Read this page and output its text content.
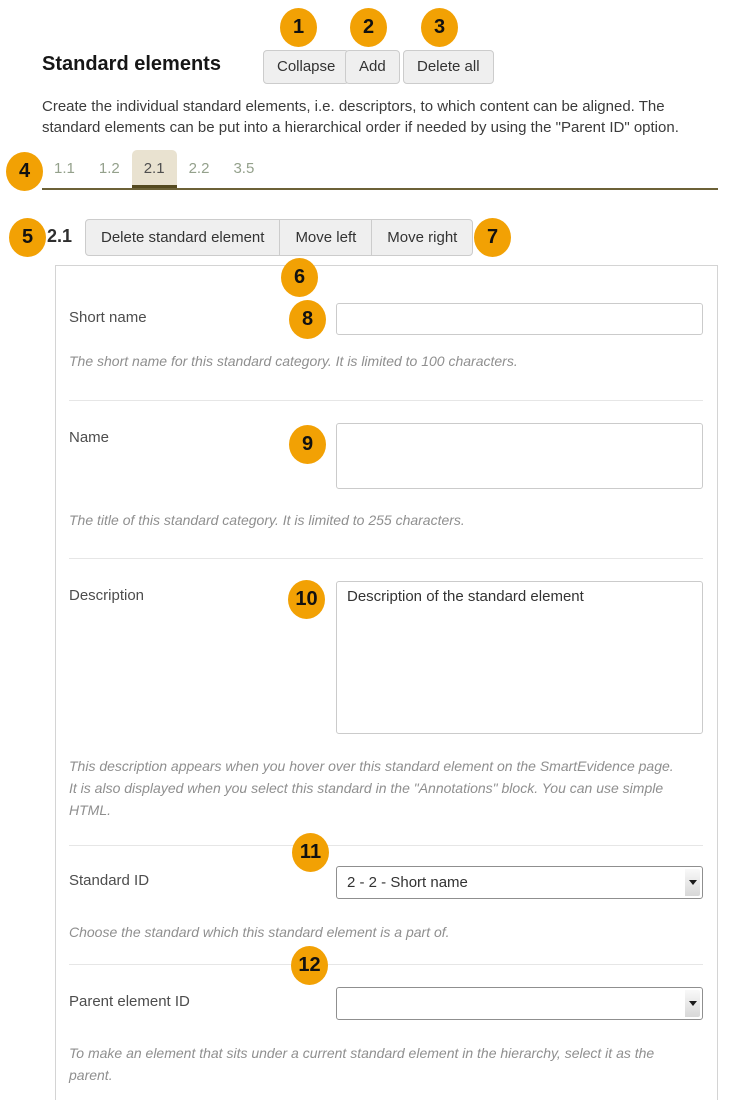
Standard elements	Collapse	Add	Delete all

Create the individual standard elements, i.e. descriptors, to which content can be aligned. The standard elements can be put into a hierarchical order if needed by using the "Parent ID" option.

1.1	1.2	2.1	2.2	3.5
2.1	Delete standard element	Move left	Move right
Short name
The short name for this standard category. It is limited to 100 characters.
Name
The title of this standard category. It is limited to 255 characters.
Description
Description of the standard element
This description appears when you hover over this standard element on the SmartEvidence page. It is also displayed when you select this standard in the "Annotations" block. You can use simple HTML.
Standard ID	2 - 2 - Short name
Choose the standard which this standard element is a part of.
Parent element ID
To make an element that sits under a current standard element in the hierarchy, select it as the parent.
1	2	3
4
5
6
7
8
9
10
11
12
